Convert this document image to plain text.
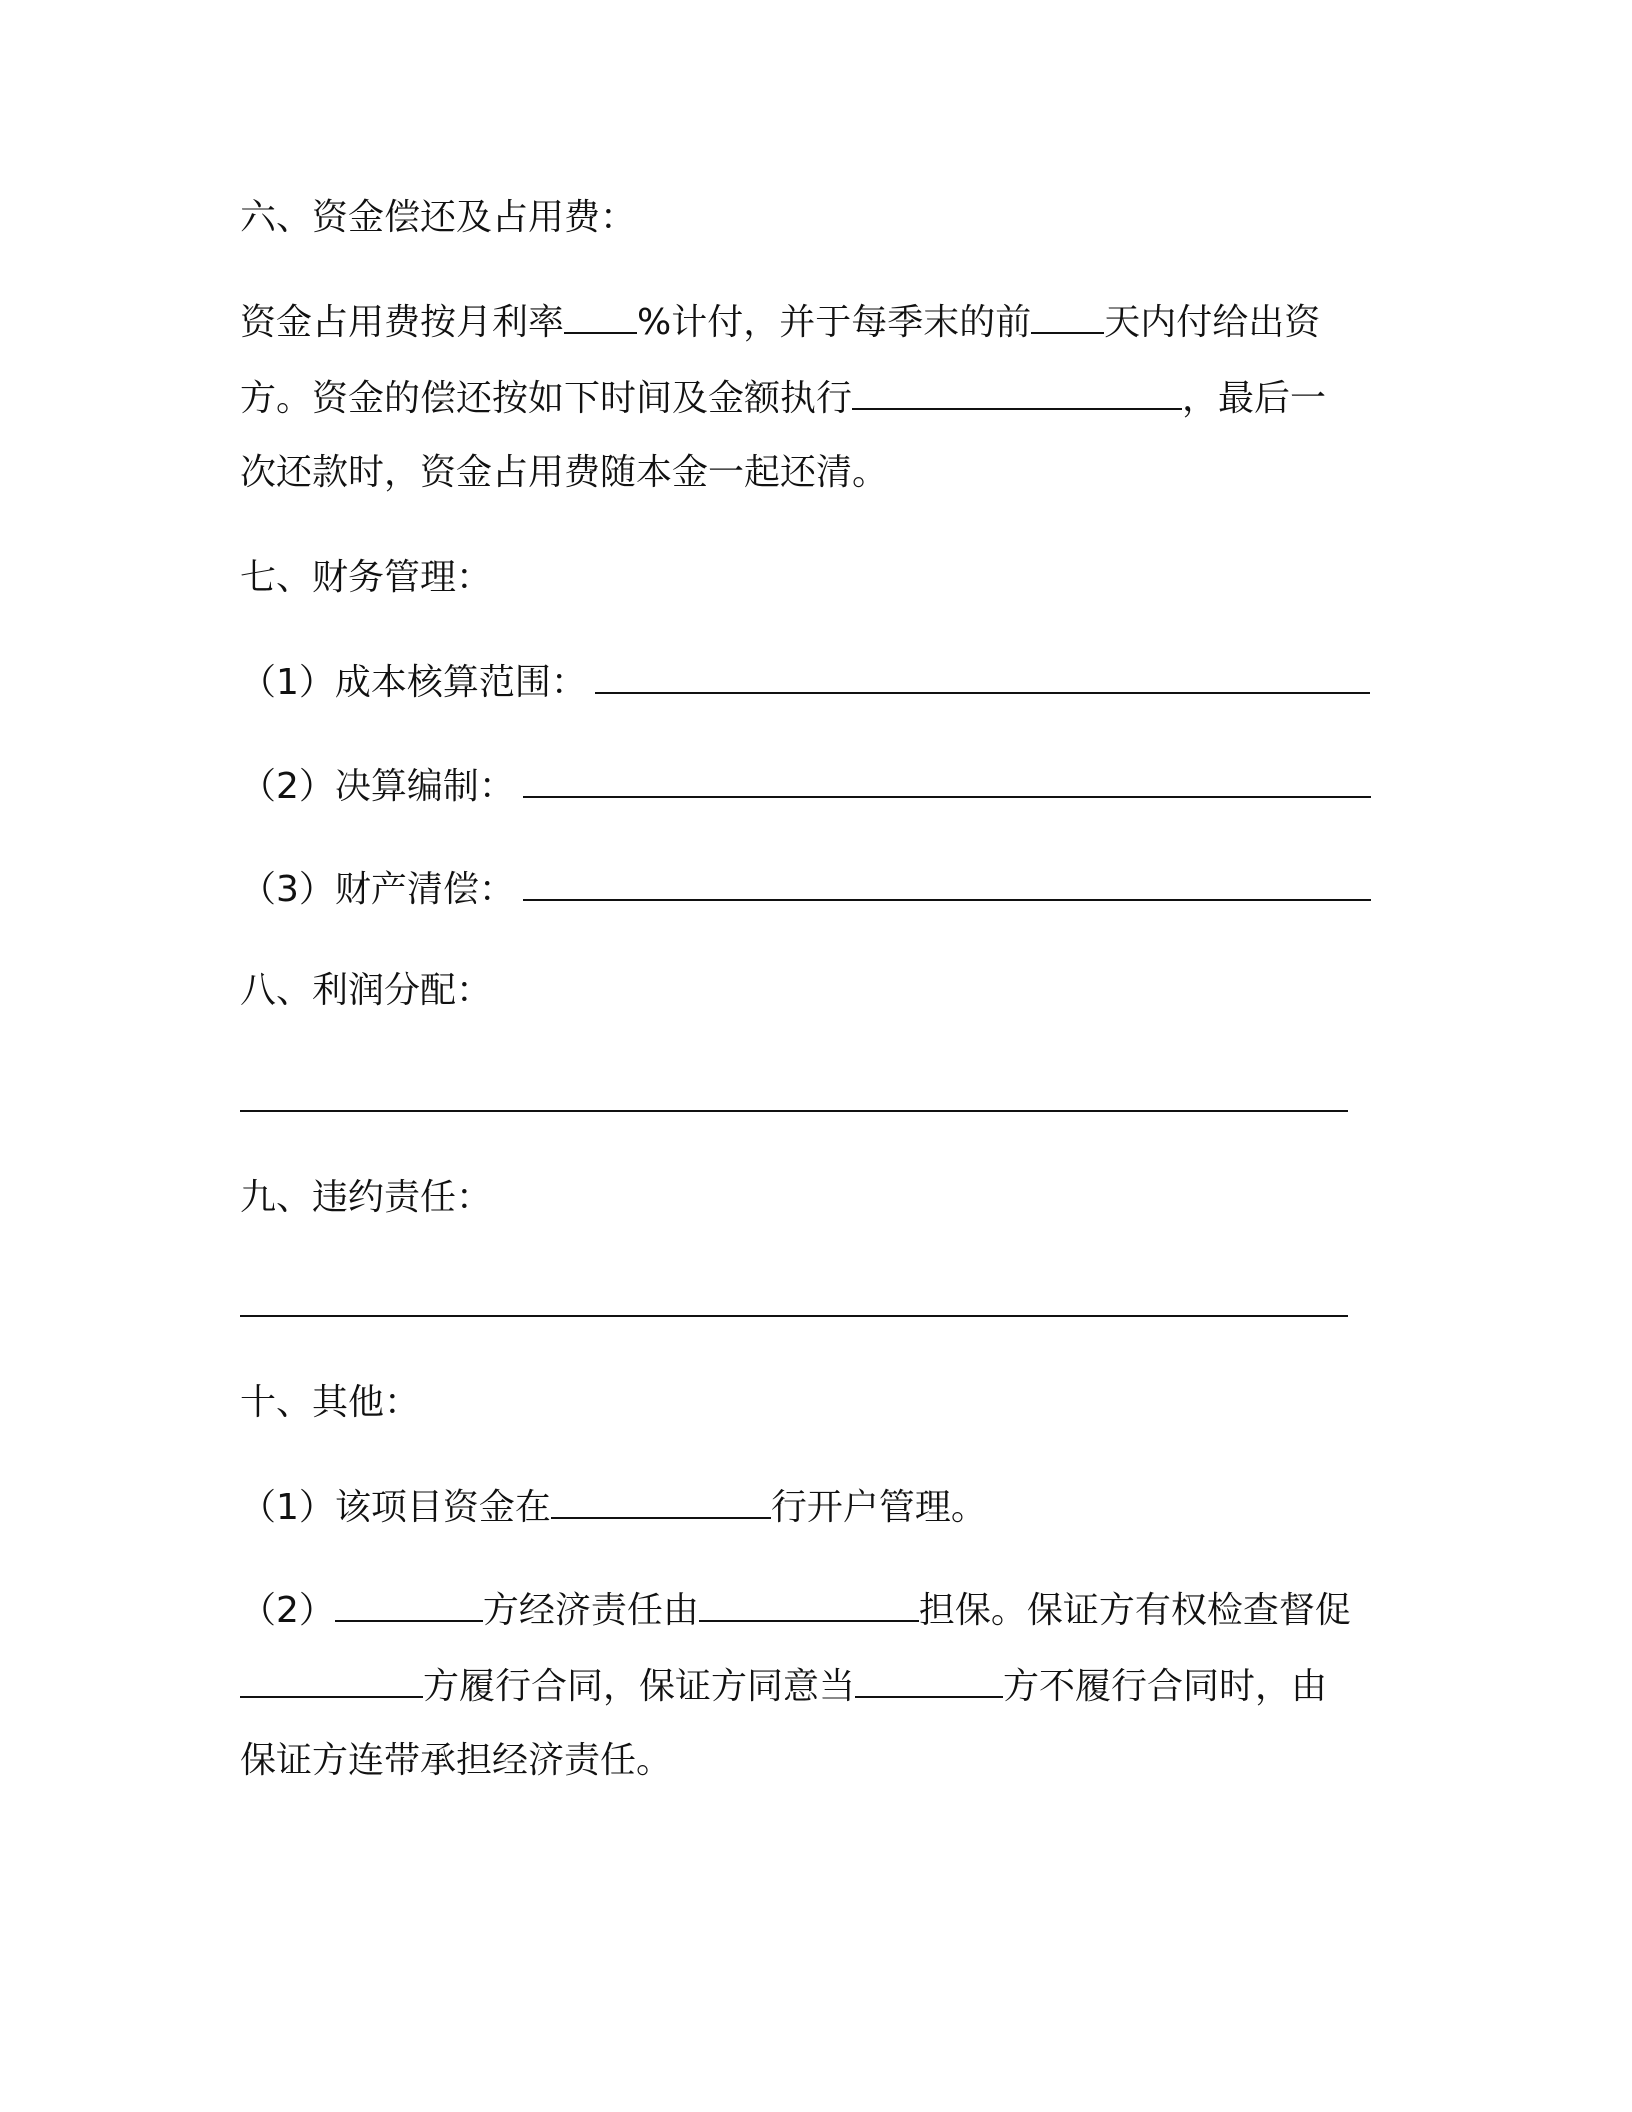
六、资金偿还及占用费：
资金占用费按月利率 %计付，并于每季末的前 天内付给出资
方。资金的偿还按如下时间及金额执行	，最后一
次还款时，资金占用费随本金一起还清。
七、财务管理：
（1）成本核算范围：
（2）决算编制：
（3）财产清偿：
八、利润分配：
九、违约责任：
十、其他：
（1）该项目资金在	行开户管理。
（2）	方经济责任由	担保。保证方有权检查督促
方履行合同，保证方同意当	方不履行合同时，由
保证方连带承担经济责任。
